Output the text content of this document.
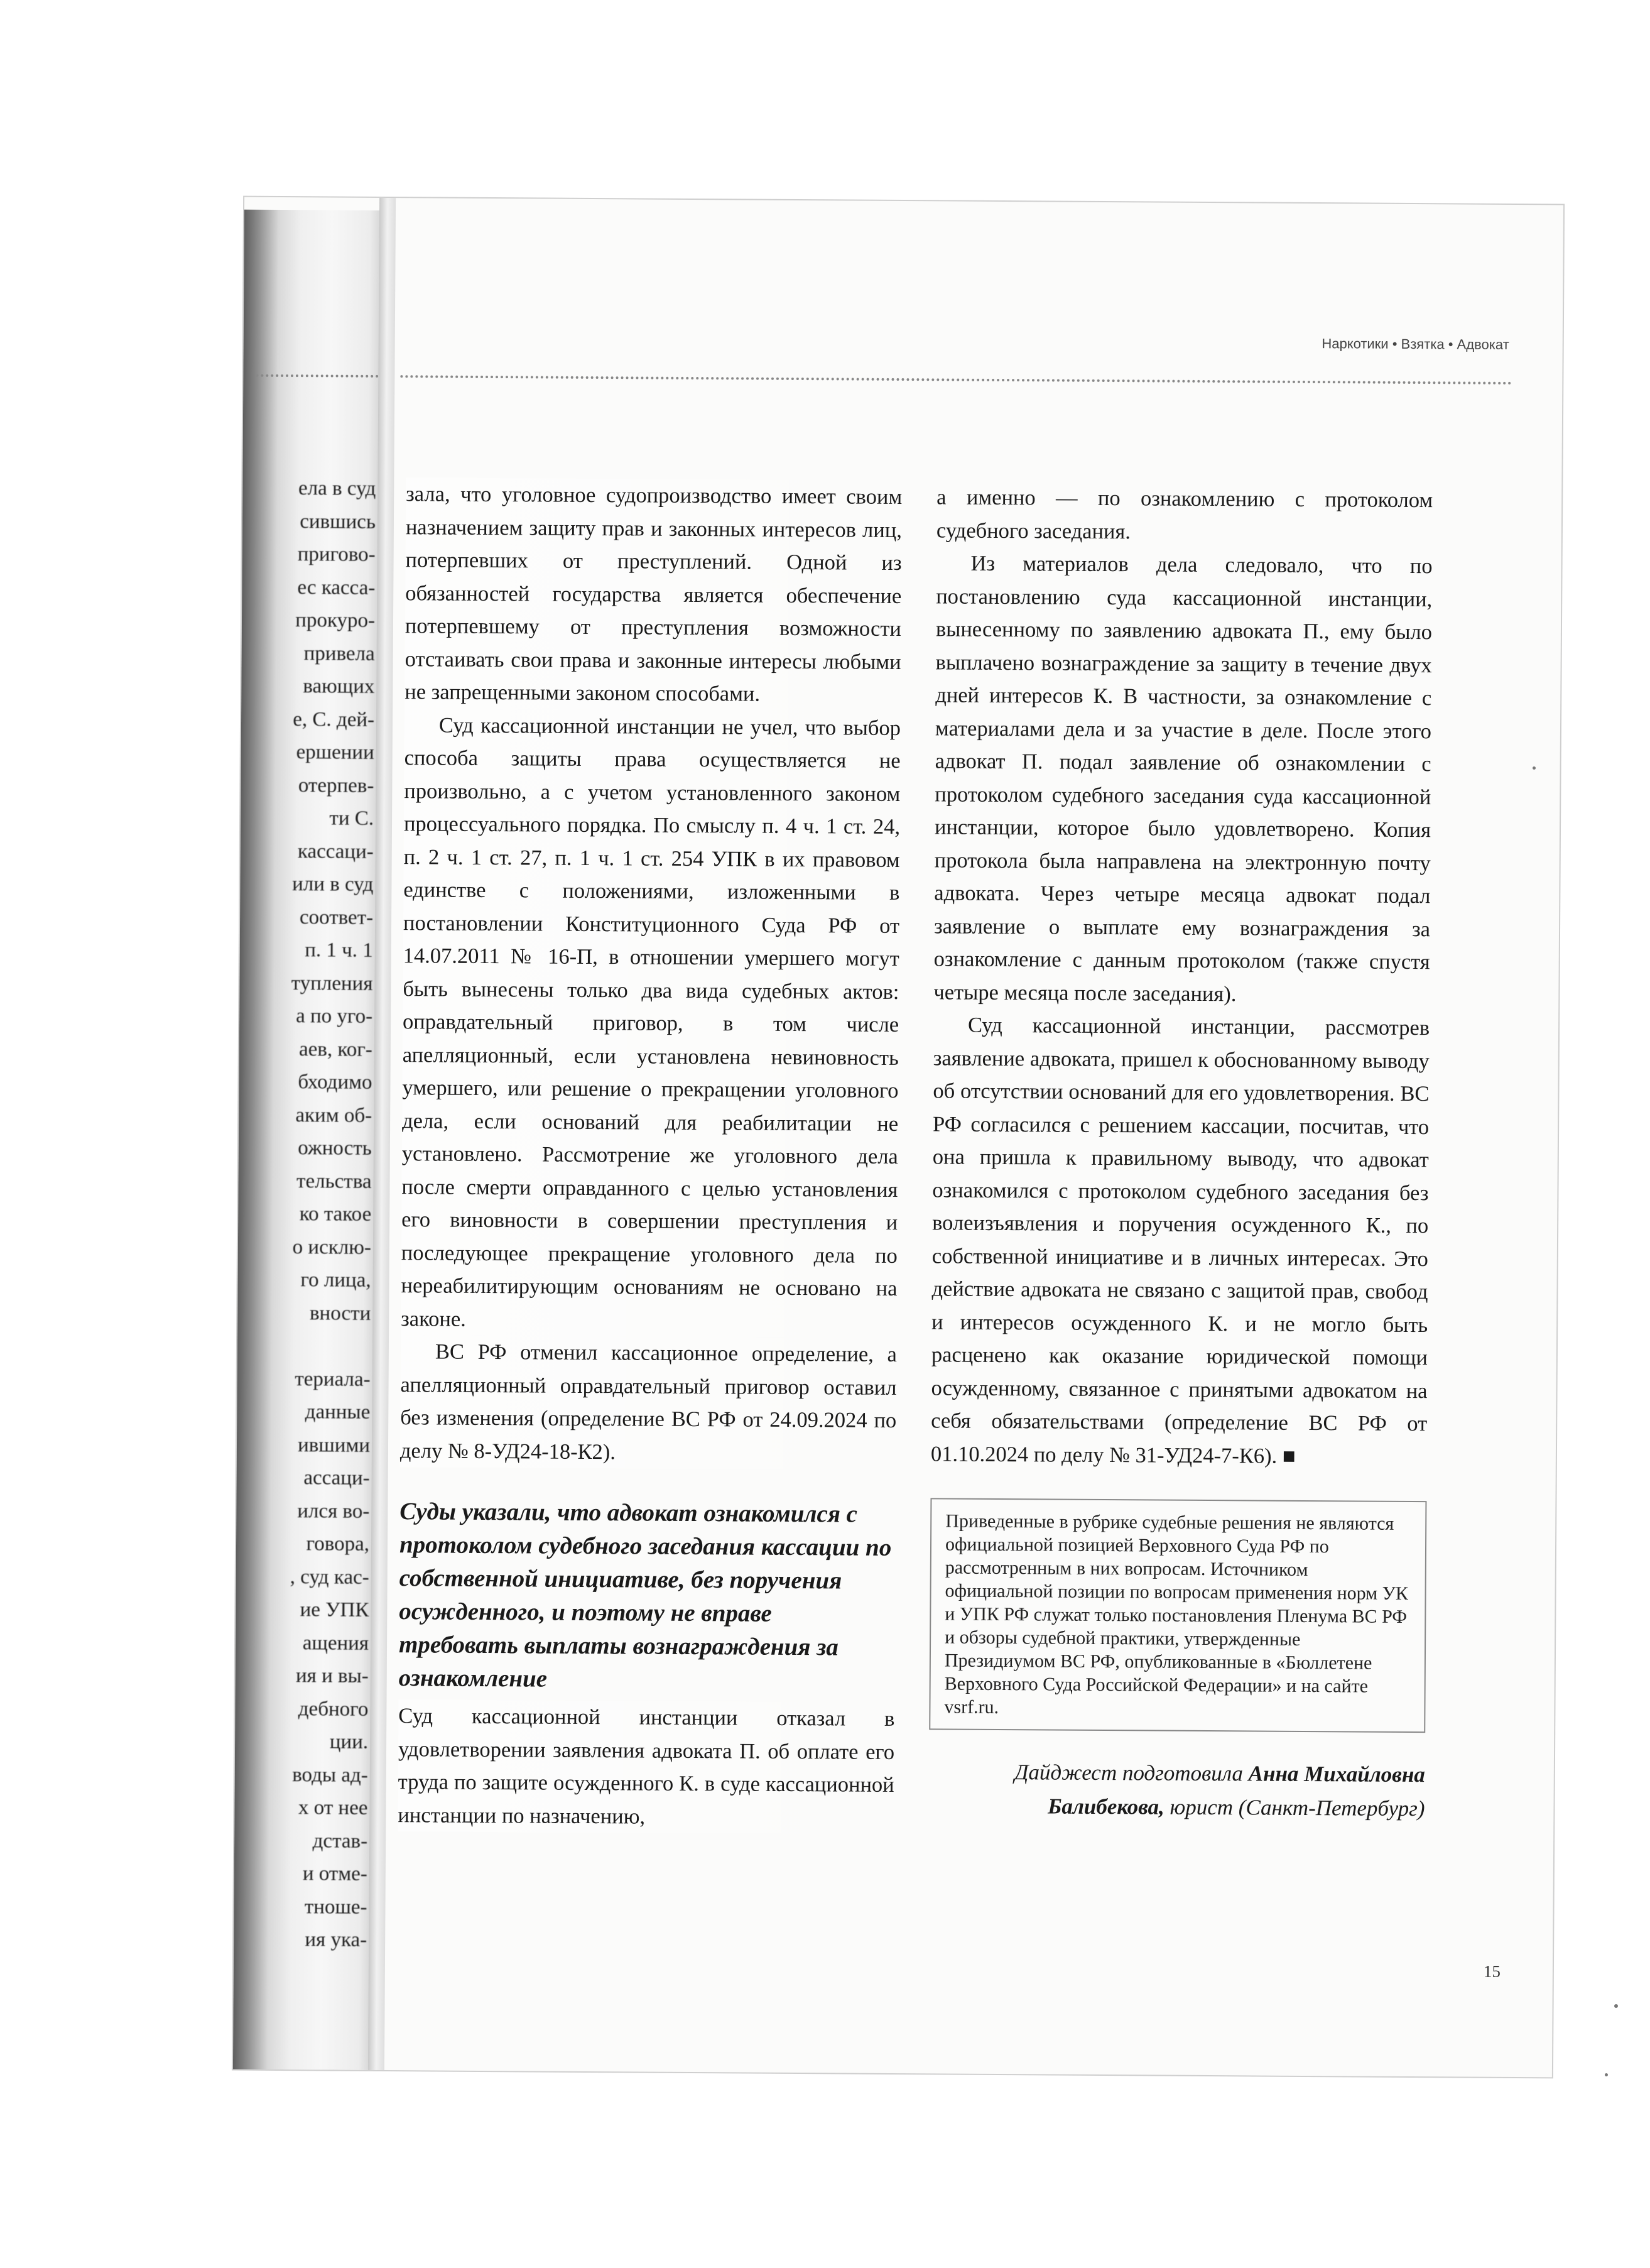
ела в суд
сившись
пригово-
ес касса-
прокуро-
привела
вающих
е, С. дей-
ершении
отерпев-
ти С.
кассаци-
или в суд
соответ-
п. 1 ч. 1
тупления
а по уго-
аев, ког-
бходимо
аким об-
ожность
тельства
ко такое
о исклю-
го лица,
вности
териала-
данные
ившими
ассаци-
ился во-
говора,
, суд кас-
ие УПК
ащения
ия и вы-
дебного
ции.
воды ад-
х от нее
дстав-
и отме-
тноше-
ия ука-
Наркотики • Взятка • Адвокат

зала, что уголовное судопроизводство имеет своим назначением защиту прав и законных интересов лиц, потерпевших от преступлений. Одной из обязанностей государства является обеспечение потерпевшему от преступления возможности отстаивать свои права и законные интересы любыми не запрещенными законом способами.

Суд кассационной инстанции не учел, что выбор способа защиты права осуществляется не произвольно, а с учетом установленного законом процессуального порядка. По смыслу п. 4 ч. 1 ст. 24, п. 2 ч. 1 ст. 27, п. 1 ч. 1 ст. 254 УПК в их правовом единстве с положениями, изложенными в постановлении Конституционного Суда РФ от 14.07.2011 № 16-П, в отношении умершего могут быть вынесены только два вида судебных актов: оправдательный приговор, в том числе апелляционный, если установлена невиновность умершего, или решение о прекращении уголовного дела, если оснований для реабилитации не установлено. Рассмотрение же уголовного дела после смерти оправданного с целью установления его виновности в совершении преступления и последующее прекращение уголовного дела по нереабилитирующим основаниям не основано на законе.

ВС РФ отменил кассационное определение, а апелляционный оправдательный приговор оставил без изменения (определение ВС РФ от 24.09.2024 по делу № 8-УД24-18-К2).

Суды указали, что адвокат ознакомился с протоколом судебного заседания кассации по собственной инициативе, без поручения осужденного, и поэтому не вправе требовать выплаты вознаграждения за ознакомление

Суд кассационной инстанции отказал в удовлетворении заявления адвоката П. об оплате его труда по защите осужденного К. в суде кассационной инстанции по назначению,

а именно — по ознакомлению с протоколом судебного заседания.

Из материалов дела следовало, что по постановлению суда кассационной инстанции, вынесенному по заявлению адвоката П., ему было выплачено вознаграждение за защиту в течение двух дней интересов К. В частности, за ознакомление с материалами дела и за участие в деле. После этого адвокат П. подал заявление об ознакомлении с протоколом судебного заседания суда кассационной инстанции, которое было удовлетворено. Копия протокола была направлена на электронную почту адвоката. Через четыре месяца адвокат подал заявление о выплате ему вознаграждения за ознакомление с данным протоколом (также спустя четыре месяца после заседания).

Суд кассационной инстанции, рассмотрев заявление адвоката, пришел к обоснованному выводу об отсутствии оснований для его удовлетворения. ВС РФ согласился с решением кассации, посчитав, что она пришла к правильному выводу, что адвокат ознакомился с протоколом судебного заседания без волеизъявления и поручения осужденного К., по собственной инициативе и в личных интересах. Это действие адвоката не связано с защитой прав, свобод и интересов осужденного К. и не могло быть расценено как оказание юридической помощи осужденному, связанное с принятыми адвокатом на себя обязательствами (определение ВС РФ от 01.10.2024 по делу № 31-УД24-7-К6). ■

Приведенные в рубрике судебные решения не являются официальной позицией Верховного Суда РФ по рассмотренным в них вопросам. Источником официальной позиции по вопросам применения норм УК и УПК РФ служат только постановления Пленума ВС РФ и обзоры судебной практики, утвержденные Президиумом ВС РФ, опубликованные в «Бюллетене Верховного Суда Российской Федерации» и на сайте vsrf.ru.
Дайджест подготовила Анна Михайловна Балибекова, юрист (Санкт-Петербург)
15
